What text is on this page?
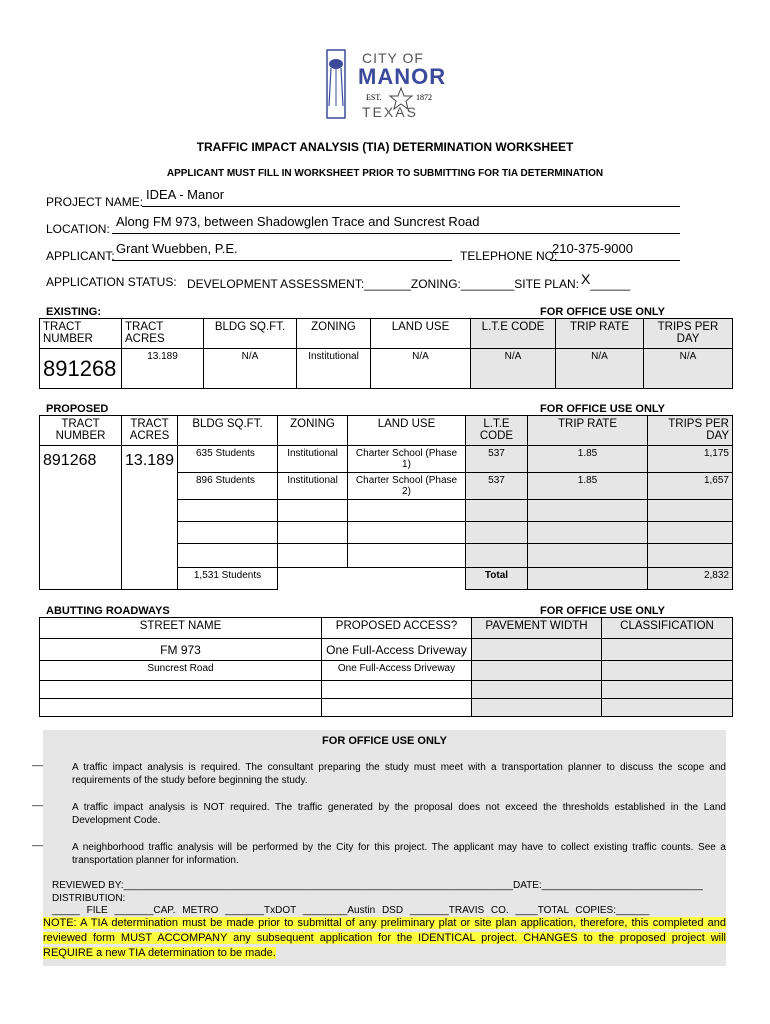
CITY OF
MANOR
EST.	1872
TEXAS
TRAFFIC IMPACT ANALYSIS (TIA) DETERMINATION WORKSHEET
APPLICANT MUST FILL IN WORKSHEET PRIOR TO SUBMITTING FOR TIA DETERMINATION
PROJECT NAME: IDEA - Manor
LOCATION: Along FM 973, between Shadowglen Trace and Suncrest Road
APPLICANT: Grant Wuebben, P.E.	TELEPHONE NO:
210-375-9000
APPLICATION STATUS: DEVELOPMENT ASSESSMENT:_______ZONING:________SITE PLAN: X______
EXISTING:	FOR OFFICE USE ONLY
TRACT NUMBER	TRACT ACRES	BLDG SQ.FT.	ZONING	LAND USE	L.T.E CODE	TRIP RATE	TRIPS PER DAY
891268	13.189	N/A	Institutional	N/A	N/A	N/A	N/A
PROPOSED	FOR OFFICE USE ONLY
TRACT NUMBER	TRACT ACRES	BLDG SQ.FT.	ZONING	LAND USE	L.T.E CODE	TRIP RATE	TRIPS PER DAY
891268	13.189	635 Students	Institutional	Charter School (Phase 1)	537	1.85	1,175
		896 Students	Institutional	Charter School (Phase 2)	537	1.85	1,657

		1,531 Students			Total		2,832
ABUTTING ROADWAYS	FOR OFFICE USE ONLY
STREET NAME	PROPOSED ACCESS?	PAVEMENT WIDTH	CLASSIFICATION
FM 973	One Full-Access Driveway		
Suncrest Road	One Full-Access Driveway		

FOR OFFICE USE ONLY
__
A traffic impact analysis is required. The consultant preparing the study must meet with a transportation planner to discuss the scope and requirements of the study before beginning the study.
__
A traffic impact analysis is NOT required. The traffic generated by the proposal does not exceed the thresholds established in the Land Development Code.
__
A neighborhood traffic analysis will be performed by the City for this project. The applicant may have to collect existing traffic counts. See a transportation planner for information.
REVIEWED BY:______________________________________________________________________DATE:_____________________________
DISTRIBUTION:
_____ FILE _______CAP. METRO _______TxDOT ________Austin DSD _______TRAVIS CO. ____TOTAL COPIES:______
NOTE: A TIA determination must be made prior to submittal of any preliminary plat or site plan application, therefore, this completed and reviewed form MUST ACCOMPANY any subsequent application for the IDENTICAL project. CHANGES to the proposed project will REQUIRE a new TIA determination to be made.
